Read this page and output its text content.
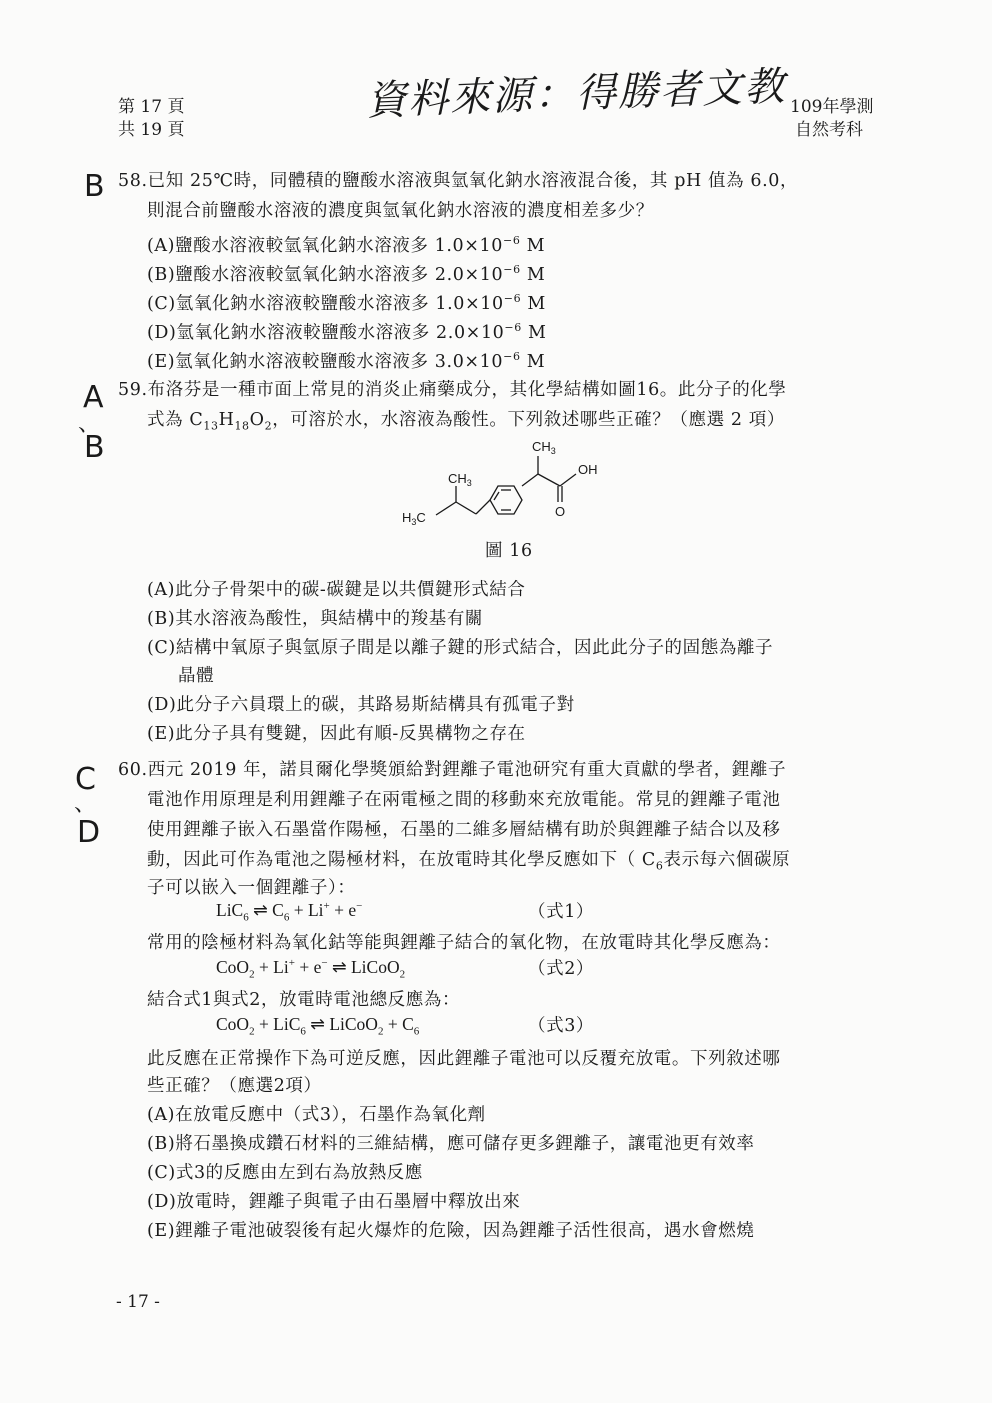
第 17 頁
共 19 頁
資料來源：得勝者文教 109年學測
自然考科
B
A
、
B
C
、
D
58.已知 25℃時，同體積的鹽酸水溶液與氫氧化鈉水溶液混合後，其 pH 值為 6.0，
則混合前鹽酸水溶液的濃度與氫氧化鈉水溶液的濃度相差多少？
(A)鹽酸水溶液較氫氧化鈉水溶液多 $1.0\times 10^{-6}$ M
(B)鹽酸水溶液較氫氧化鈉水溶液多 $2.0\times 10^{-6}$ M
(C)氫氧化鈉水溶液較鹽酸水溶液多 $1.0\times 10^{-6}$ M
(D)氫氧化鈉水溶液較鹽酸水溶液多 $2.0\times 10^{-6}$ M
(E)氫氧化鈉水溶液較鹽酸水溶液多 $3.0\times 10^{-6}$ M
59.布洛芬是一種市面上常見的消炎止痛藥成分，其化學結構如圖16。此分子的化學
式為 $C_{13}H_{18}O_2$，可溶於水，水溶液為酸性。下列敘述哪些正確？（應選 2 項）
$CH_3$
$CH_3$
$H_3C$
OH
O
圖 16
(A)此分子骨架中的碳-碳鍵是以共價鍵形式結合
(B)其水溶液為酸性，與結構中的羧基有關
(C)結構中氧原子與氫原子間是以離子鍵的形式結合，因此此分子的固態為離子
晶體
(D)此分子六員環上的碳，其路易斯結構具有孤電子對
(E)此分子具有雙鍵，因此有順-反異構物之存在
60.西元 2019 年，諾貝爾化學獎頒給對鋰離子電池研究有重大貢獻的學者，鋰離子
電池作用原理是利用鋰離子在兩電極之間的移動來充放電能。常見的鋰離子電池
使用鋰離子嵌入石墨當作陽極，石墨的二維多層結構有助於與鋰離子結合以及移
動，因此可作為電池之陽極材料，在放電時其化學反應如下（ $C_6$表示每六個碳原
子可以嵌入一個鋰離子）：
LiC$_6$ ⇌ $C_6 + Li^+ + e^-$	（式1）
常用的陰極材料為氧化鈷等能與鋰離子結合的氧化物，在放電時其化學反應為：
CoO$_2$ + Li+ + e− ⇌ LiCoO$_2$	（式2）
結合式1與式2，放電時電池總反應為：
CoO$_2$ + LiC$_6$ ⇌ LiCoO$_2$ + $C_6$	（式3）
此反應在正常操作下為可逆反應，因此鋰離子電池可以反覆充放電。下列敘述哪
些正確？（應選2項）
(A)在放電反應中（式3），石墨作為氧化劑
(B)將石墨換成鑽石材料的三維結構，應可儲存更多鋰離子，讓電池更有效率
(C)式3的反應由左到右為放熱反應
(D)放電時，鋰離子與電子由石墨層中釋放出來
(E)鋰離子電池破裂後有起火爆炸的危險，因為鋰離子活性很高，遇水會燃燒
- 17 -
